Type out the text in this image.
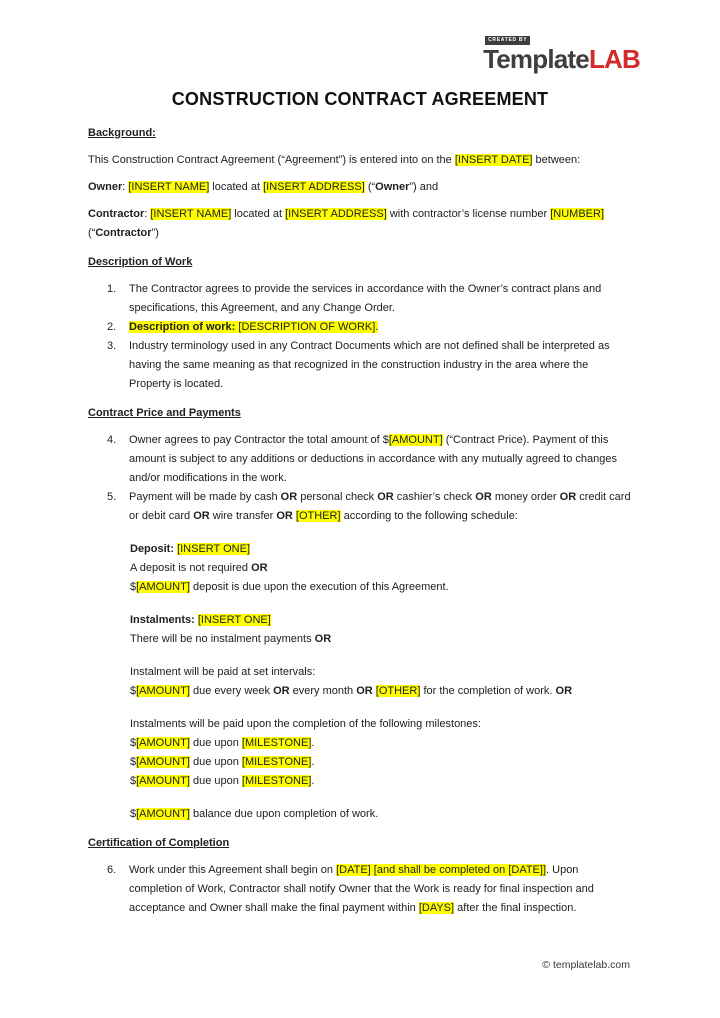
CREATED BY
TemplateLAB
CONSTRUCTION CONTRACT AGREEMENT
Background:
This Construction Contract Agreement (“Agreement”) is entered into on the [INSERT DATE] between:
Owner: [INSERT NAME] located at [INSERT ADDRESS] (“Owner”) and
Contractor: [INSERT NAME] located at [INSERT ADDRESS] with contractor’s license number [NUMBER] (“Contractor”)
Description of Work
1.	The Contractor agrees to provide the services in accordance with the Owner’s contract plans and specifications, this Agreement, and any Change Order.
2.	Description of work: [DESCRIPTION OF WORK].
3.	Industry terminology used in any Contract Documents which are not defined shall be interpreted as having the same meaning as that recognized in the construction industry in the area where the Property is located.
Contract Price and Payments
4.	Owner agrees to pay Contractor the total amount of $[AMOUNT] (“Contract Price). Payment of this amount is subject to any additions or deductions in accordance with any mutually agreed to changes and/or modifications in the work.
5.	Payment will be made by cash OR personal check OR cashier’s check OR money order OR credit card or debit card OR wire transfer OR [OTHER] according to the following schedule:
Deposit: [INSERT ONE]
A deposit is not required OR
$[AMOUNT] deposit is due upon the execution of this Agreement.
Instalments: [INSERT ONE]
There will be no instalment payments OR
Instalment will be paid at set intervals:
$[AMOUNT] due every week OR every month OR [OTHER] for the completion of work. OR
Instalments will be paid upon the completion of the following milestones:
$[AMOUNT] due upon [MILESTONE].
$[AMOUNT] due upon [MILESTONE].
$[AMOUNT] due upon [MILESTONE].
$[AMOUNT] balance due upon completion of work.
Certification of Completion
6.	Work under this Agreement shall begin on [DATE] [and shall be completed on [DATE]]. Upon completion of Work, Contractor shall notify Owner that the Work is ready for final inspection and acceptance and Owner shall make the final payment within [DAYS] after the final inspection.
© templatelab.com
